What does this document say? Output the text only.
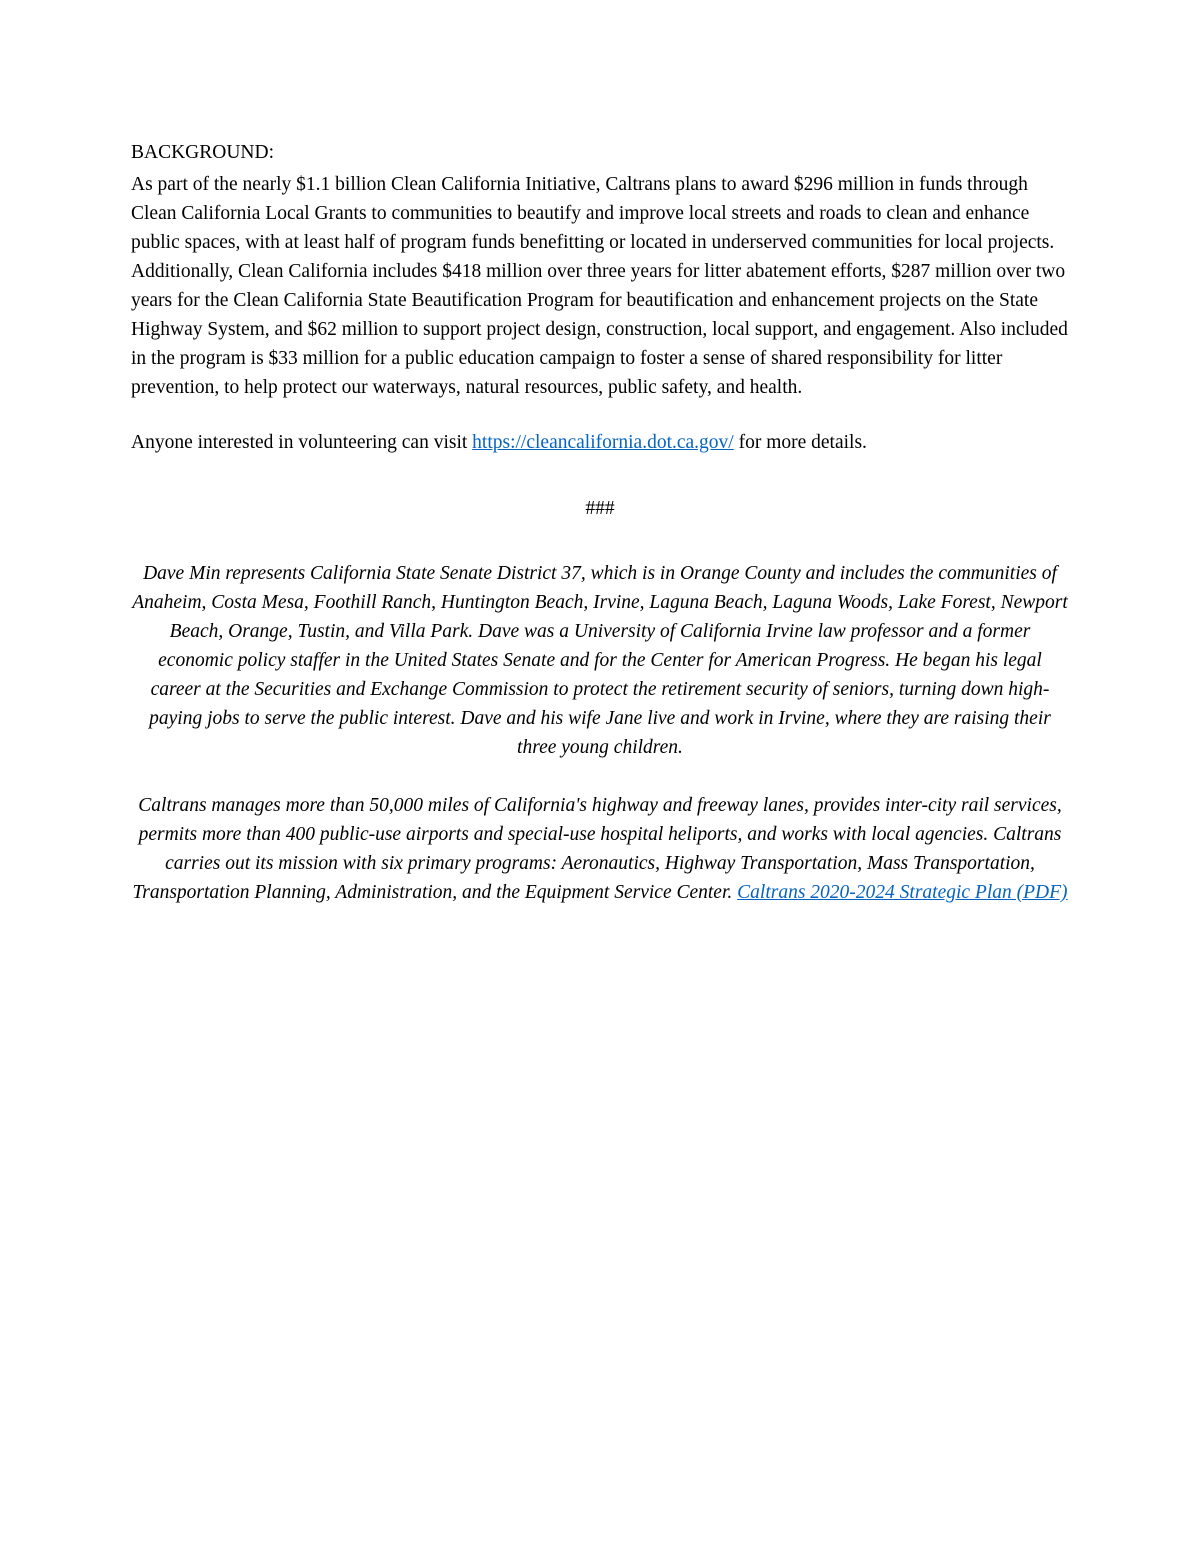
BACKGROUND:

As part of the nearly $1.1 billion Clean California Initiative, Caltrans plans to award $296 million in funds through Clean California Local Grants to communities to beautify and improve local streets and roads to clean and enhance public spaces, with at least half of program funds benefitting or located in underserved communities for local projects. Additionally, Clean California includes $418 million over three years for litter abatement efforts, $287 million over two years for the Clean California State Beautification Program for beautification and enhancement projects on the State Highway System, and $62 million to support project design, construction, local support, and engagement. Also included in the program is $33 million for a public education campaign to foster a sense of shared responsibility for litter prevention, to help protect our waterways, natural resources, public safety, and health.

Anyone interested in volunteering can visit https://cleancalifornia.dot.ca.gov/ for more details.

###

Dave Min represents California State Senate District 37, which is in Orange County and includes the communities of Anaheim, Costa Mesa, Foothill Ranch, Huntington Beach, Irvine, Laguna Beach, Laguna Woods, Lake Forest, Newport Beach, Orange, Tustin, and Villa Park. Dave was a University of California Irvine law professor and a former economic policy staffer in the United States Senate and for the Center for American Progress. He began his legal career at the Securities and Exchange Commission to protect the retirement security of seniors, turning down high-paying jobs to serve the public interest. Dave and his wife Jane live and work in Irvine, where they are raising their three young children.

Caltrans manages more than 50,000 miles of California's highway and freeway lanes, provides inter-city rail services, permits more than 400 public-use airports and special-use hospital heliports, and works with local agencies. Caltrans carries out its mission with six primary programs: Aeronautics, Highway Transportation, Mass Transportation, Transportation Planning, Administration, and the Equipment Service Center. Caltrans 2020-2024 Strategic Plan (PDF)
